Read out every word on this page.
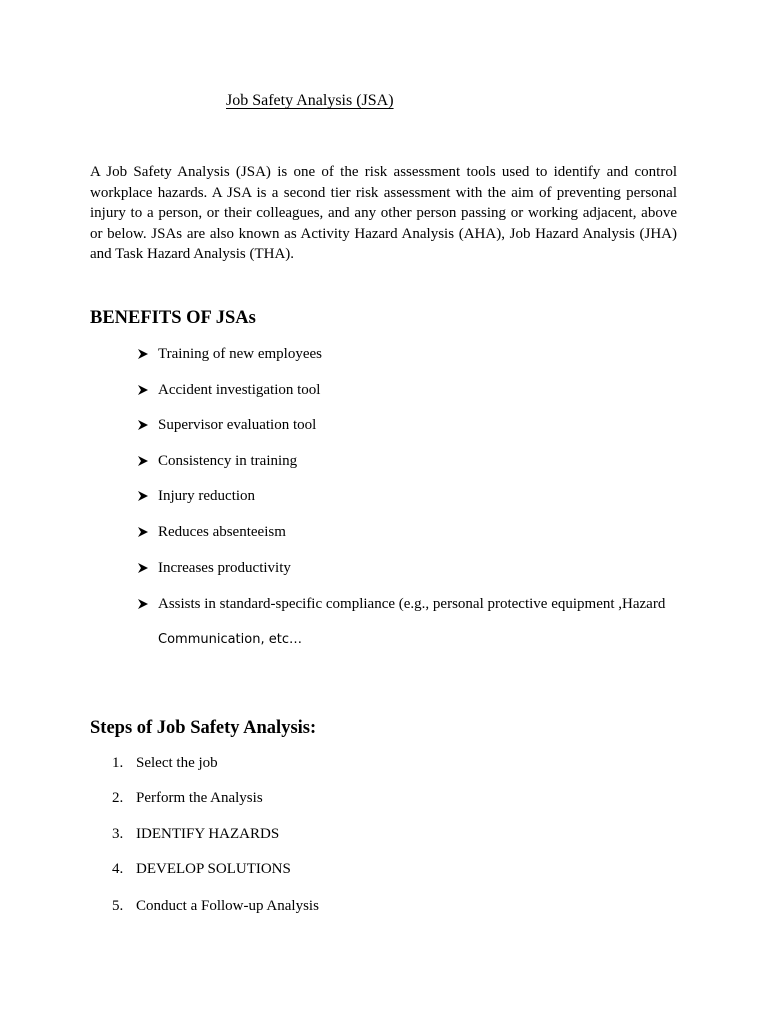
Job Safety Analysis (JSA)

A Job Safety Analysis (JSA) is one of the risk assessment tools used to identify and control workplace hazards. A JSA is a second tier risk assessment with the aim of preventing personal injury to a person, or their colleagues, and any other person passing or working adjacent, above or below. JSAs are also known as Activity Hazard Analysis (AHA), Job Hazard Analysis (JHA) and Task Hazard Analysis (THA).

BENEFITS OF JSAs
Training of new employees
Accident investigation tool
Supervisor evaluation tool
Consistency in training
Injury reduction
Reduces absenteeism
Increases productivity
Assists in standard-specific compliance (e.g., personal protective equipment ,Hazard
Communication, etc…
Steps of Job Safety Analysis:
1. Select the job
2. Perform the Analysis
3. IDENTIFY HAZARDS
4. DEVELOP SOLUTIONS
5. Conduct a Follow-up Analysis
